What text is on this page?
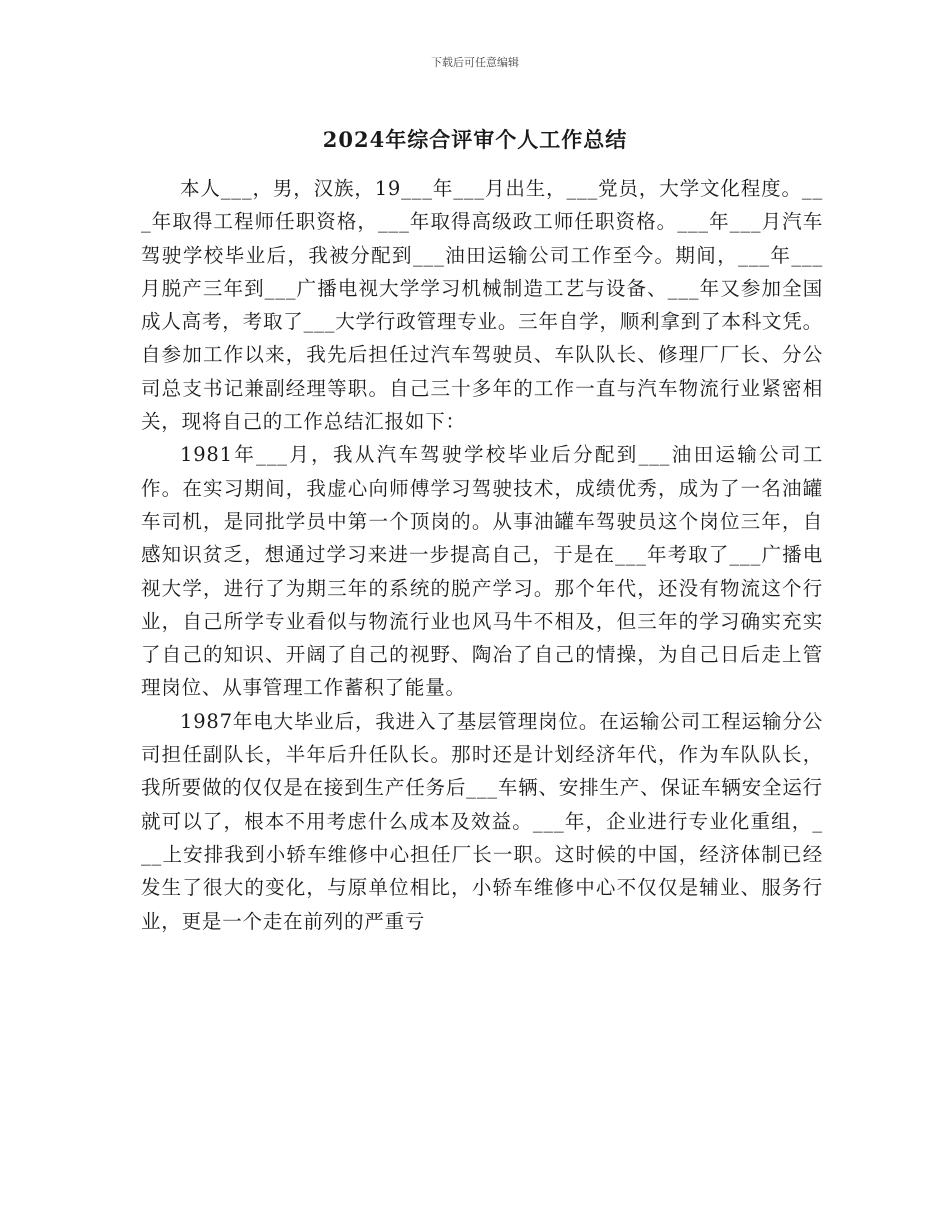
下载后可任意编辑
2024年综合评审个人工作总结

本人___，男，汉族，19___年___月出生，___党员，大学文化程度。___年取得工程师任职资格，___年取得高级政工师任职资格。___年___月汽车驾驶学校毕业后，我被分配到___油田运输公司工作至今。期间，___年___月脱产三年到___广播电视大学学习机械制造工艺与设备、___年又参加全国成人高考，考取了___大学行政管理专业。三年自学，顺利拿到了本科文凭。自参加工作以来，我先后担任过汽车驾驶员、车队队长、修理厂厂长、分公司总支书记兼副经理等职。自己三十多年的工作一直与汽车物流行业紧密相关，现将自己的工作总结汇报如下：

1981年___月，我从汽车驾驶学校毕业后分配到___油田运输公司工作。在实习期间，我虚心向师傅学习驾驶技术，成绩优秀，成为了一名油罐车司机，是同批学员中第一个顶岗的。从事油罐车驾驶员这个岗位三年，自感知识贫乏，想通过学习来进一步提高自己，于是在___年考取了___广播电视大学，进行了为期三年的系统的脱产学习。那个年代，还没有物流这个行业，自己所学专业看似与物流行业也风马牛不相及，但三年的学习确实充实了自己的知识、开阔了自己的视野、陶冶了自己的情操，为自己日后走上管理岗位、从事管理工作蓄积了能量。

1987年电大毕业后，我进入了基层管理岗位。在运输公司工程运输分公司担任副队长，半年后升任队长。那时还是计划经济年代，作为车队队长，我所要做的仅仅是在接到生产任务后___车辆、安排生产、保证车辆安全运行就可以了，根本不用考虑什么成本及效益。___年，企业进行专业化重组，___上安排我到小轿车维修中心担任厂长一职。这时候的中国，经济体制已经发生了很大的变化，与原单位相比，小轿车维修中心不仅仅是辅业、服务行业，更是一个走在前列的严重亏
